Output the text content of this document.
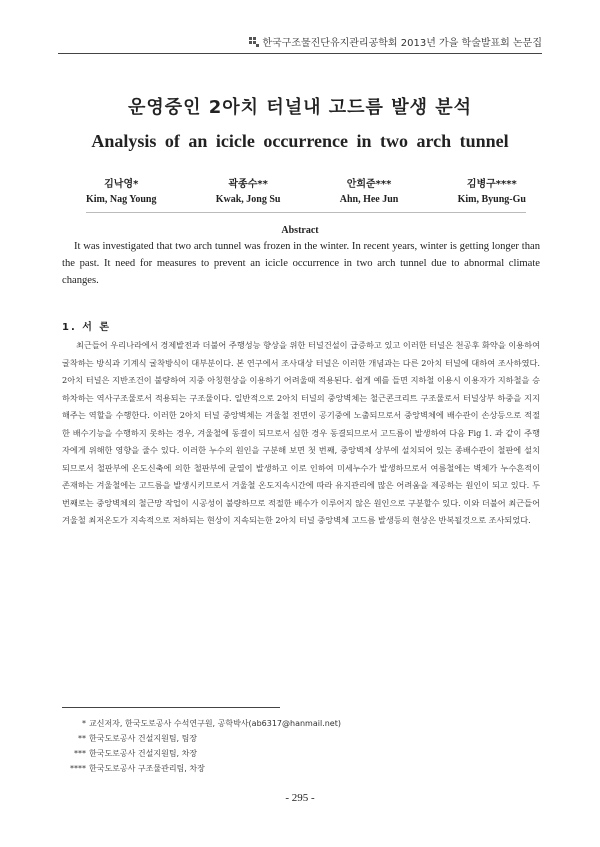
한국구조물진단유지관리공학회 2013년 가을 학술발표회 논문집
운영중인 2아치 터널내 고드름 발생 분석
Analysis of an icicle occurrence in two arch tunnel
김낙영*
Kim, Nag Young
곽종수**
Kwak, Jong Su
안희준***
Ahn, Hee Jun
김병구****
Kim, Byung-Gu
Abstract

It was investigated that two arch tunnel was frozen in the winter. In recent years, winter is getting longer than the past. It need for measures to prevent an icicle occurrence in two arch tunnel due to abnormal climate changes.

1. 서 론

최근들어 우리나라에서 경제발전과 더불어 주행성능 향상을 위한 터널건설이 급증하고 있고 이러한 터널은 천공후 화약을 이용하여 굴착하는 방식과 기계식 굴착방식이 대부분이다. 본 연구에서 조사대상 터널은 이러한 개념과는 다른 2아치 터널에 대하여 조사하였다. 2아치 터널은 지반조건이 불량하여 지중 아칭현상을 이용하기 어려울때 적용된다. 쉽게 예를 들면 지하철 이용시 이용자가 지하철을 승하차하는 역사구조물로서 적용되는 구조물이다. 일반적으로 2아치 터널의 중앙벽체는 철근콘크리트 구조물로서 터널상부 하중을 지지해주는 역할을 수행한다. 이러한 2아치 터널 중앙벽체는 겨울철 전면이 공기중에 노출되므로서 중앙벽체에 배수관이 손상등으로 적절한 배수기능을 수행하지 못하는 경우, 겨울철에 동결이 되므로서 심한 경우 동결되므로서 고드름이 발생하여 다음 Fig 1. 과 같이 주행자에게 위해한 영향을 줄수 있다. 이러한 누수의 원인을 구분해 보면 첫 번째, 중앙벽체 상부에 설치되어 있는 종배수관이 철판에 설치되므로서 철판부에 온도신축에 의한 철판부에 균열이 발생하고 이로 인하여 미세누수가 발생하므로서 여름철에는 벽체가 누수흔적이 존재하는 겨울철에는 고드름을 발생시키므로서 겨울철 온도지속시간에 따라 유지관리에 많은 어려움을 제공하는 원인이 되고 있다. 두 번째로는 중앙벽체의 철근망 작업이 시공성이 불량하므로 적절한 배수가 이루어지 않은 원인으로 구분할수 있다. 이와 더불어 최근들어 겨울철 최저온도가 지속적으로 저하되는 현상이 지속되는한 2아치 터널 중앙벽체 고드름 발생등의 현상은 반복될것으로 조사되었다.

* 교신저자, 한국도로공사 수석연구원, 공학박사(ab6317@hanmail.net)
** 한국도로공사 건설지원팀, 팀장
*** 한국도로공사 건설지원팀, 차장
**** 한국도로공사 구조물관리팀, 차장
- 295 -
